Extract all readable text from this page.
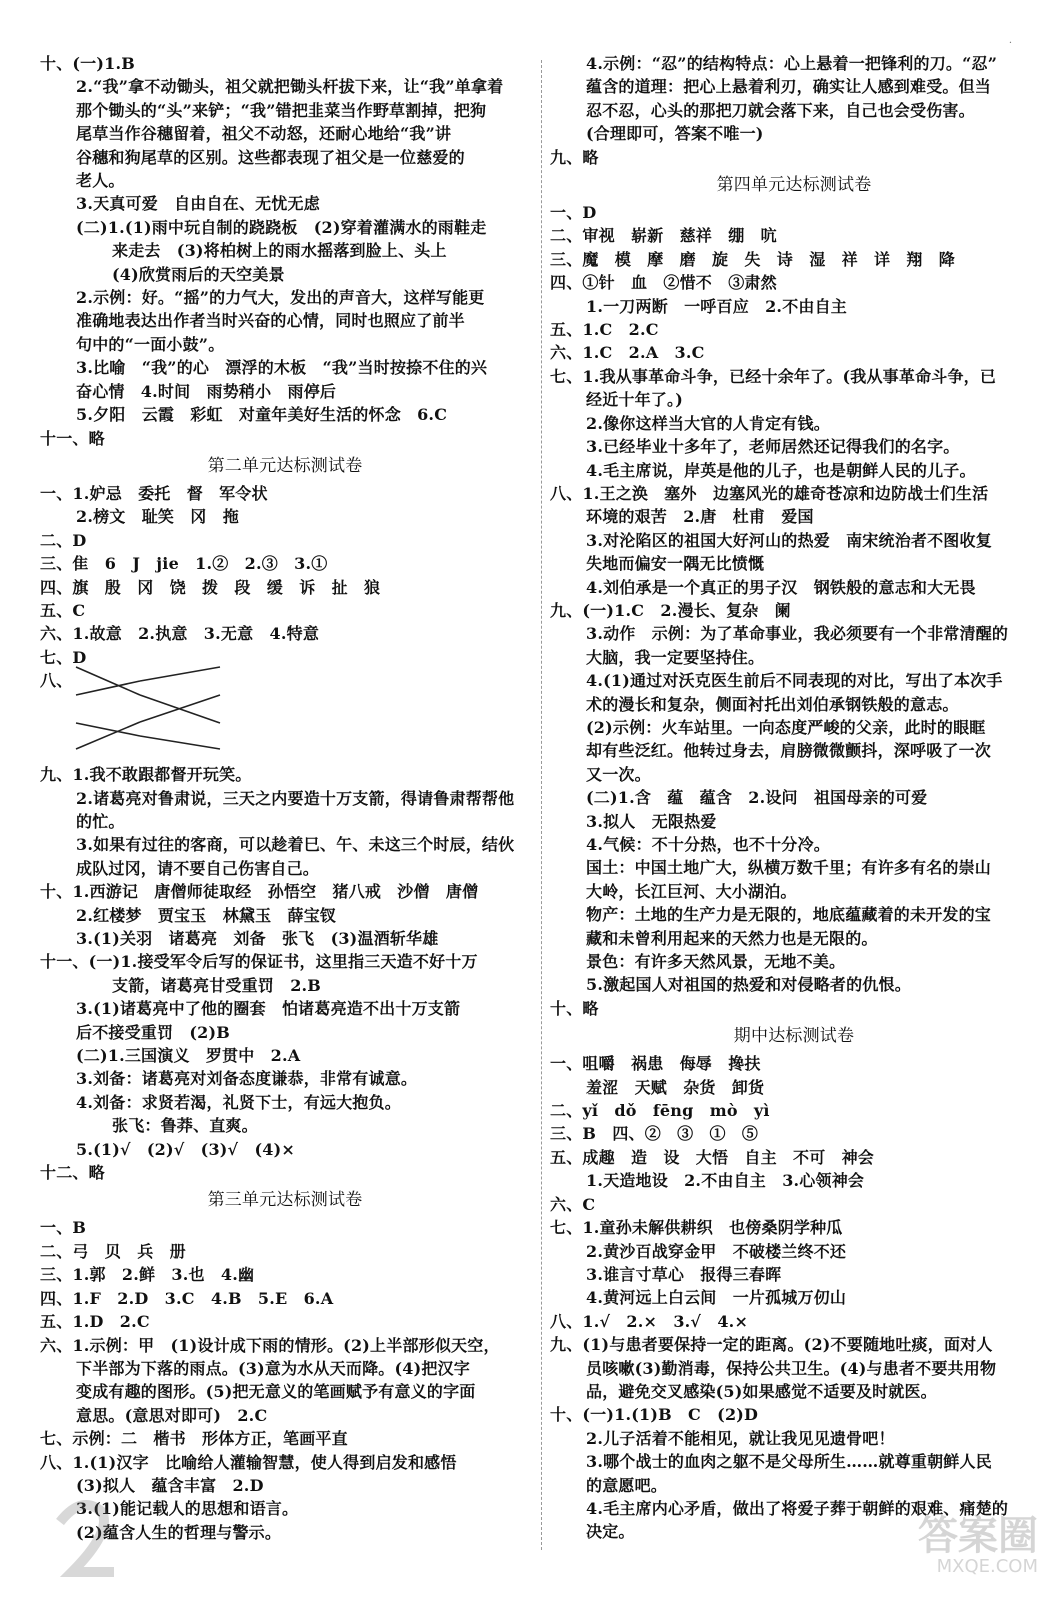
·
十、(一)1.B
2.“我”拿不动锄头，祖父就把锄头杆拔下来，让“我”单拿着
那个锄头的“头”来铲；“我”错把韭菜当作野草割掉，把狗
尾草当作谷穗留着，祖父不动怒，还耐心地给“我”讲
谷穗和狗尾草的区别。这些都表现了祖父是一位慈爱的
老人。
3.天真可爱　自由自在、无忧无虑
(二)1.(1)雨中玩自制的跷跷板　(2)穿着灌满水的雨鞋走
来走去　(3)将柏树上的雨水摇落到脸上、头上
(4)欣赏雨后的天空美景
2.示例：好。“摇”的力气大，发出的声音大，这样写能更
准确地表达出作者当时兴奋的心情，同时也照应了前半
句中的“一面小鼓”。
3.比喻　“我”的心　漂浮的木板　“我”当时按捺不住的兴
奋心情　4.时间　雨势稍小　雨停后
5.夕阳　云霞　彩虹　对童年美好生活的怀念　6.C
十一、略
第二单元达标测试卷
一、1.妒忌　委托　督　军令状
2.榜文　耻笑　冈　拖
二、D
三、隹　6　J　jie　1.②　2.③　3.①
四、旗　殷　冈　饶　拨　段　缓　诉　扯　狼
五、C
六、1.故意　2.执意　3.无意　4.特意
七、D
八、
九、1.我不敢跟都督开玩笑。
2.诸葛亮对鲁肃说，三天之内要造十万支箭，得请鲁肃帮帮他
的忙。
3.如果有过往的客商，可以趁着巳、午、未这三个时辰，结伙
成队过冈，请不要自己伤害自己。
十、1.西游记　唐僧师徒取经　孙悟空　猪八戒　沙僧　唐僧
2.红楼梦　贾宝玉　林黛玉　薛宝钗
3.(1)关羽　诸葛亮　刘备　张飞　(3)温酒斩华雄
十一、(一)1.接受军令后写的保证书，这里指三天造不好十万
支箭，诸葛亮甘受重罚　2.B
3.(1)诸葛亮中了他的圈套　怕诸葛亮造不出十万支箭
后不接受重罚　(2)B
(二)1.三国演义　罗贯中　2.A
3.刘备：诸葛亮对刘备态度谦恭，非常有诚意。
4.刘备：求贤若渴，礼贤下士，有远大抱负。
张飞：鲁莽、直爽。
5.(1)√　(2)√　(3)√　(4)×
十二、略
第三单元达标测试卷
一、B
二、弓　贝　兵　册
三、1.郭　2.鲜　3.也　4.幽
四、1.F　2.D　3.C　4.B　5.E　6.A
五、1.D　2.C
六、1.示例：甲　(1)设计成下雨的情形。(2)上半部形似天空，
下半部为下落的雨点。(3)意为水从天而降。(4)把汉字
变成有趣的图形。(5)把无意义的笔画赋予有意义的字面
意思。(意思对即可)　2.C
七、示例：二　楷书　形体方正，笔画平直
八、1.(1)汉字　比喻给人灌输智慧，使人得到启发和感悟
(3)拟人　蕴含丰富　2.D
3.(1)能记载人的思想和语言。
(2)蕴含人生的哲理与警示。
4.示例：“忍”的结构特点：心上悬着一把锋利的刀。“忍”
蕴含的道理：把心上悬着利刃，确实让人感到难受。但当
忍不忍，心头的那把刀就会落下来，自己也会受伤害。
(合理即可，答案不唯一)
九、略
第四单元达标测试卷
一、D
二、审视　崭新　慈祥　绷　吭
三、魔　模　摩　磨　旋　失　诗　湿　祥　详　翔　降
四、①针　血　②惜不　③肃然
1.一刀两断　一呼百应　2.不由自主
五、1.C　2.C
六、1.C　2.A　3.C
七、1.我从事革命斗争，已经十余年了。(我从事革命斗争，已
经近十年了。)
2.像你这样当大官的人肯定有钱。
3.已经毕业十多年了，老师居然还记得我们的名字。
4.毛主席说，岸英是他的儿子，也是朝鲜人民的儿子。
八、1.王之涣　塞外　边塞风光的雄奇苍凉和边防战士们生活
环境的艰苦　2.唐　杜甫　爱国
3.对沦陷区的祖国大好河山的热爱　南宋统治者不图收复
失地而偏安一隅无比愤慨
4.刘伯承是一个真正的男子汉　钢铁般的意志和大无畏
九、(一)1.C　2.漫长、复杂　阑
3.动作　示例：为了革命事业，我必须要有一个非常清醒的
大脑，我一定要坚持住。
4.(1)通过对沃克医生前后不同表现的对比，写出了本次手
术的漫长和复杂，侧面衬托出刘伯承钢铁般的意志。
(2)示例：火车站里。一向态度严峻的父亲，此时的眼眶
却有些泛红。他转过身去，肩膀微微颤抖，深呼吸了一次
又一次。
(二)1.含　蕴　蕴含　2.设问　祖国母亲的可爱
3.拟人　无限热爱
4.气候：不十分热，也不十分冷。
国土：中国土地广大，纵横万数千里；有许多有名的崇山
大岭，长江巨河、大小湖泊。
物产：土地的生产力是无限的，地底蕴藏着的未开发的宝
藏和未曾利用起来的天然力也是无限的。
景色：有许多天然风景，无地不美。
5.激起国人对祖国的热爱和对侵略者的仇恨。
十、略
期中达标测试卷
一、咀嚼　祸患　侮辱　搀扶
羞涩　天赋　杂货　卸货
二、yǐ　dǒ　fēng　mò　yì
三、B　四、②　③　①　⑤
五、成趣　造　设　大悟　自主　不可　神会
1.天造地设　2.不由自主　3.心领神会
六、C
七、1.童孙未解供耕织　也傍桑阴学种瓜
2.黄沙百战穿金甲　不破楼兰终不还
3.谁言寸草心　报得三春晖
4.黄河远上白云间　一片孤城万仞山
八、1.√　2.×　3.√　4.×
九、(1)与患者要保持一定的距离。(2)不要随地吐痰，面对人
员咳嗽(3)勤消毒，保持公共卫生。(4)与患者不要共用物
品，避免交叉感染(5)如果感觉不适要及时就医。
十、(一)1.(1)B　C　(2)D
2.儿子活着不能相见，就让我见见遗骨吧！
3.哪个战士的血肉之躯不是父母所生……就尊重朝鲜人民
的意愿吧。
4.毛主席内心矛盾，做出了将爱子葬于朝鲜的艰难、痛楚的
决定。	答案圈
MXQE.COM
